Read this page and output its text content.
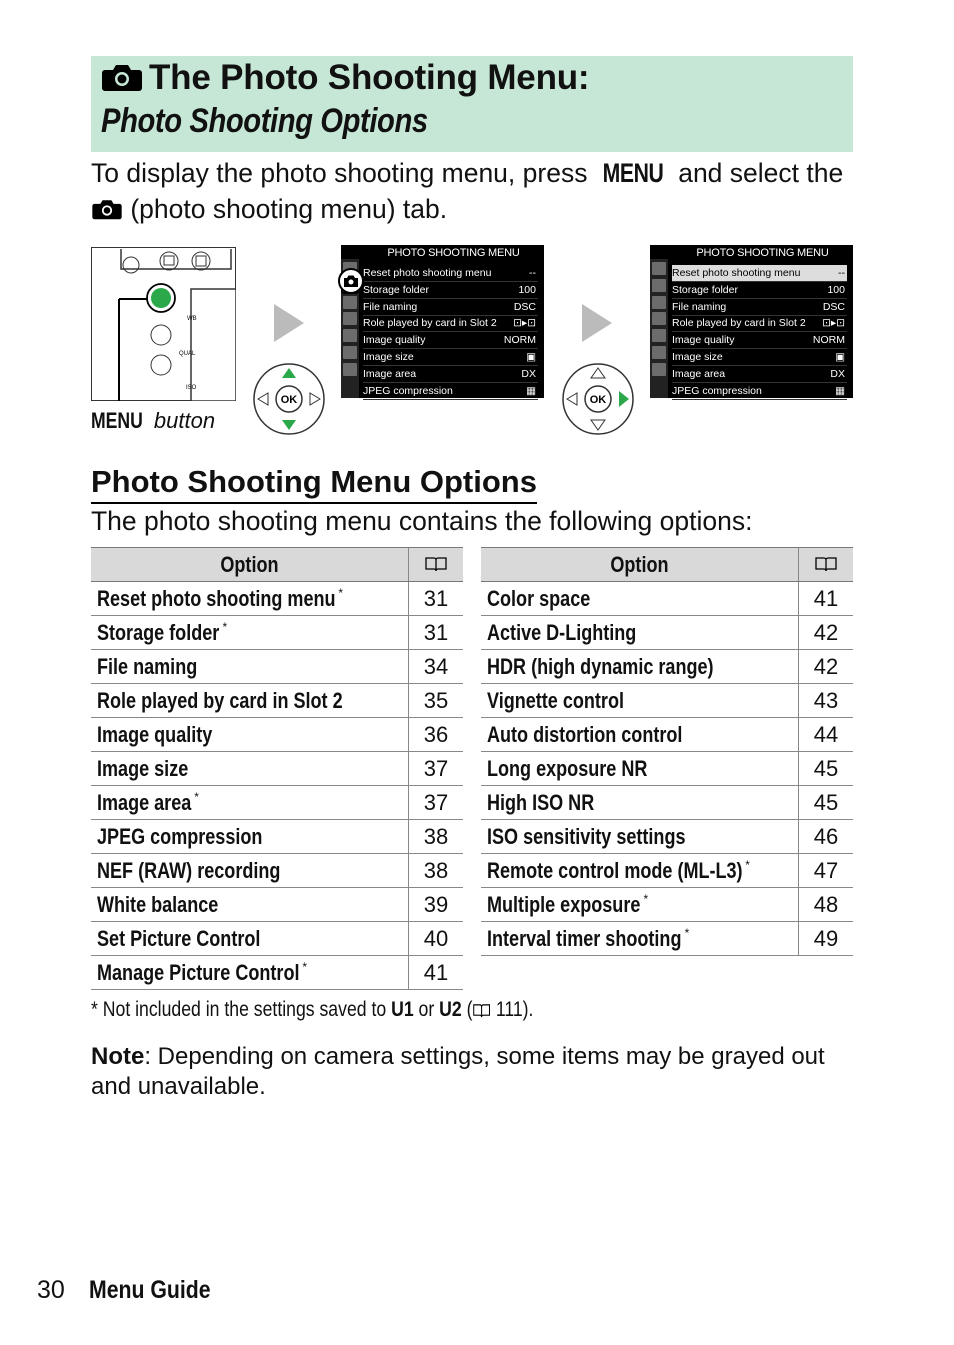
The Photo Shooting Menu:
Photo Shooting Options
To display the photo shooting menu, press MENU and select the
(photo shooting menu) tab.
WB
QUAL
ISO
MENU button
OK	OK
PHOTO SHOOTING MENU
Reset photo shooting menu	--
Storage folder	100
File naming	DSC
Role played by card in Slot 2 ⊡▸⊡
Image quality	NORM
Image size	▣
Image area	DX
JPEG compression	▦
PHOTO SHOOTING MENU
Reset photo shooting menu	--
Storage folder	100
File naming	DSC
Role played by card in Slot 2 ⊡▸⊡
Image quality	NORM
Image size	▣
Image area	DX
JPEG compression	▦
Photo Shooting Menu Options
The photo shooting menu contains the following options:
Option	
Reset photo shooting menu *	31
Storage folder *	31
File naming	34
Role played by card in Slot 2	35
Image quality	36
Image size	37
Image area *	37
JPEG compression	38
NEF (RAW) recording	38
White balance	39
Set Picture Control	40
Manage Picture Control *	41
Option	
Color space	41
Active D-Lighting	42
HDR (high dynamic range)	42
Vignette control	43
Auto distortion control	44
Long exposure NR	45
High ISO NR	45
ISO sensitivity settings	46
Remote control mode (ML-L3) *	47
Multiple exposure *	48
Interval timer shooting *	49
* Not included in the settings saved to U1 or U2 ( 111).
Note: Depending on camera settings, some items may be grayed out and unavailable.
30 Menu Guide
